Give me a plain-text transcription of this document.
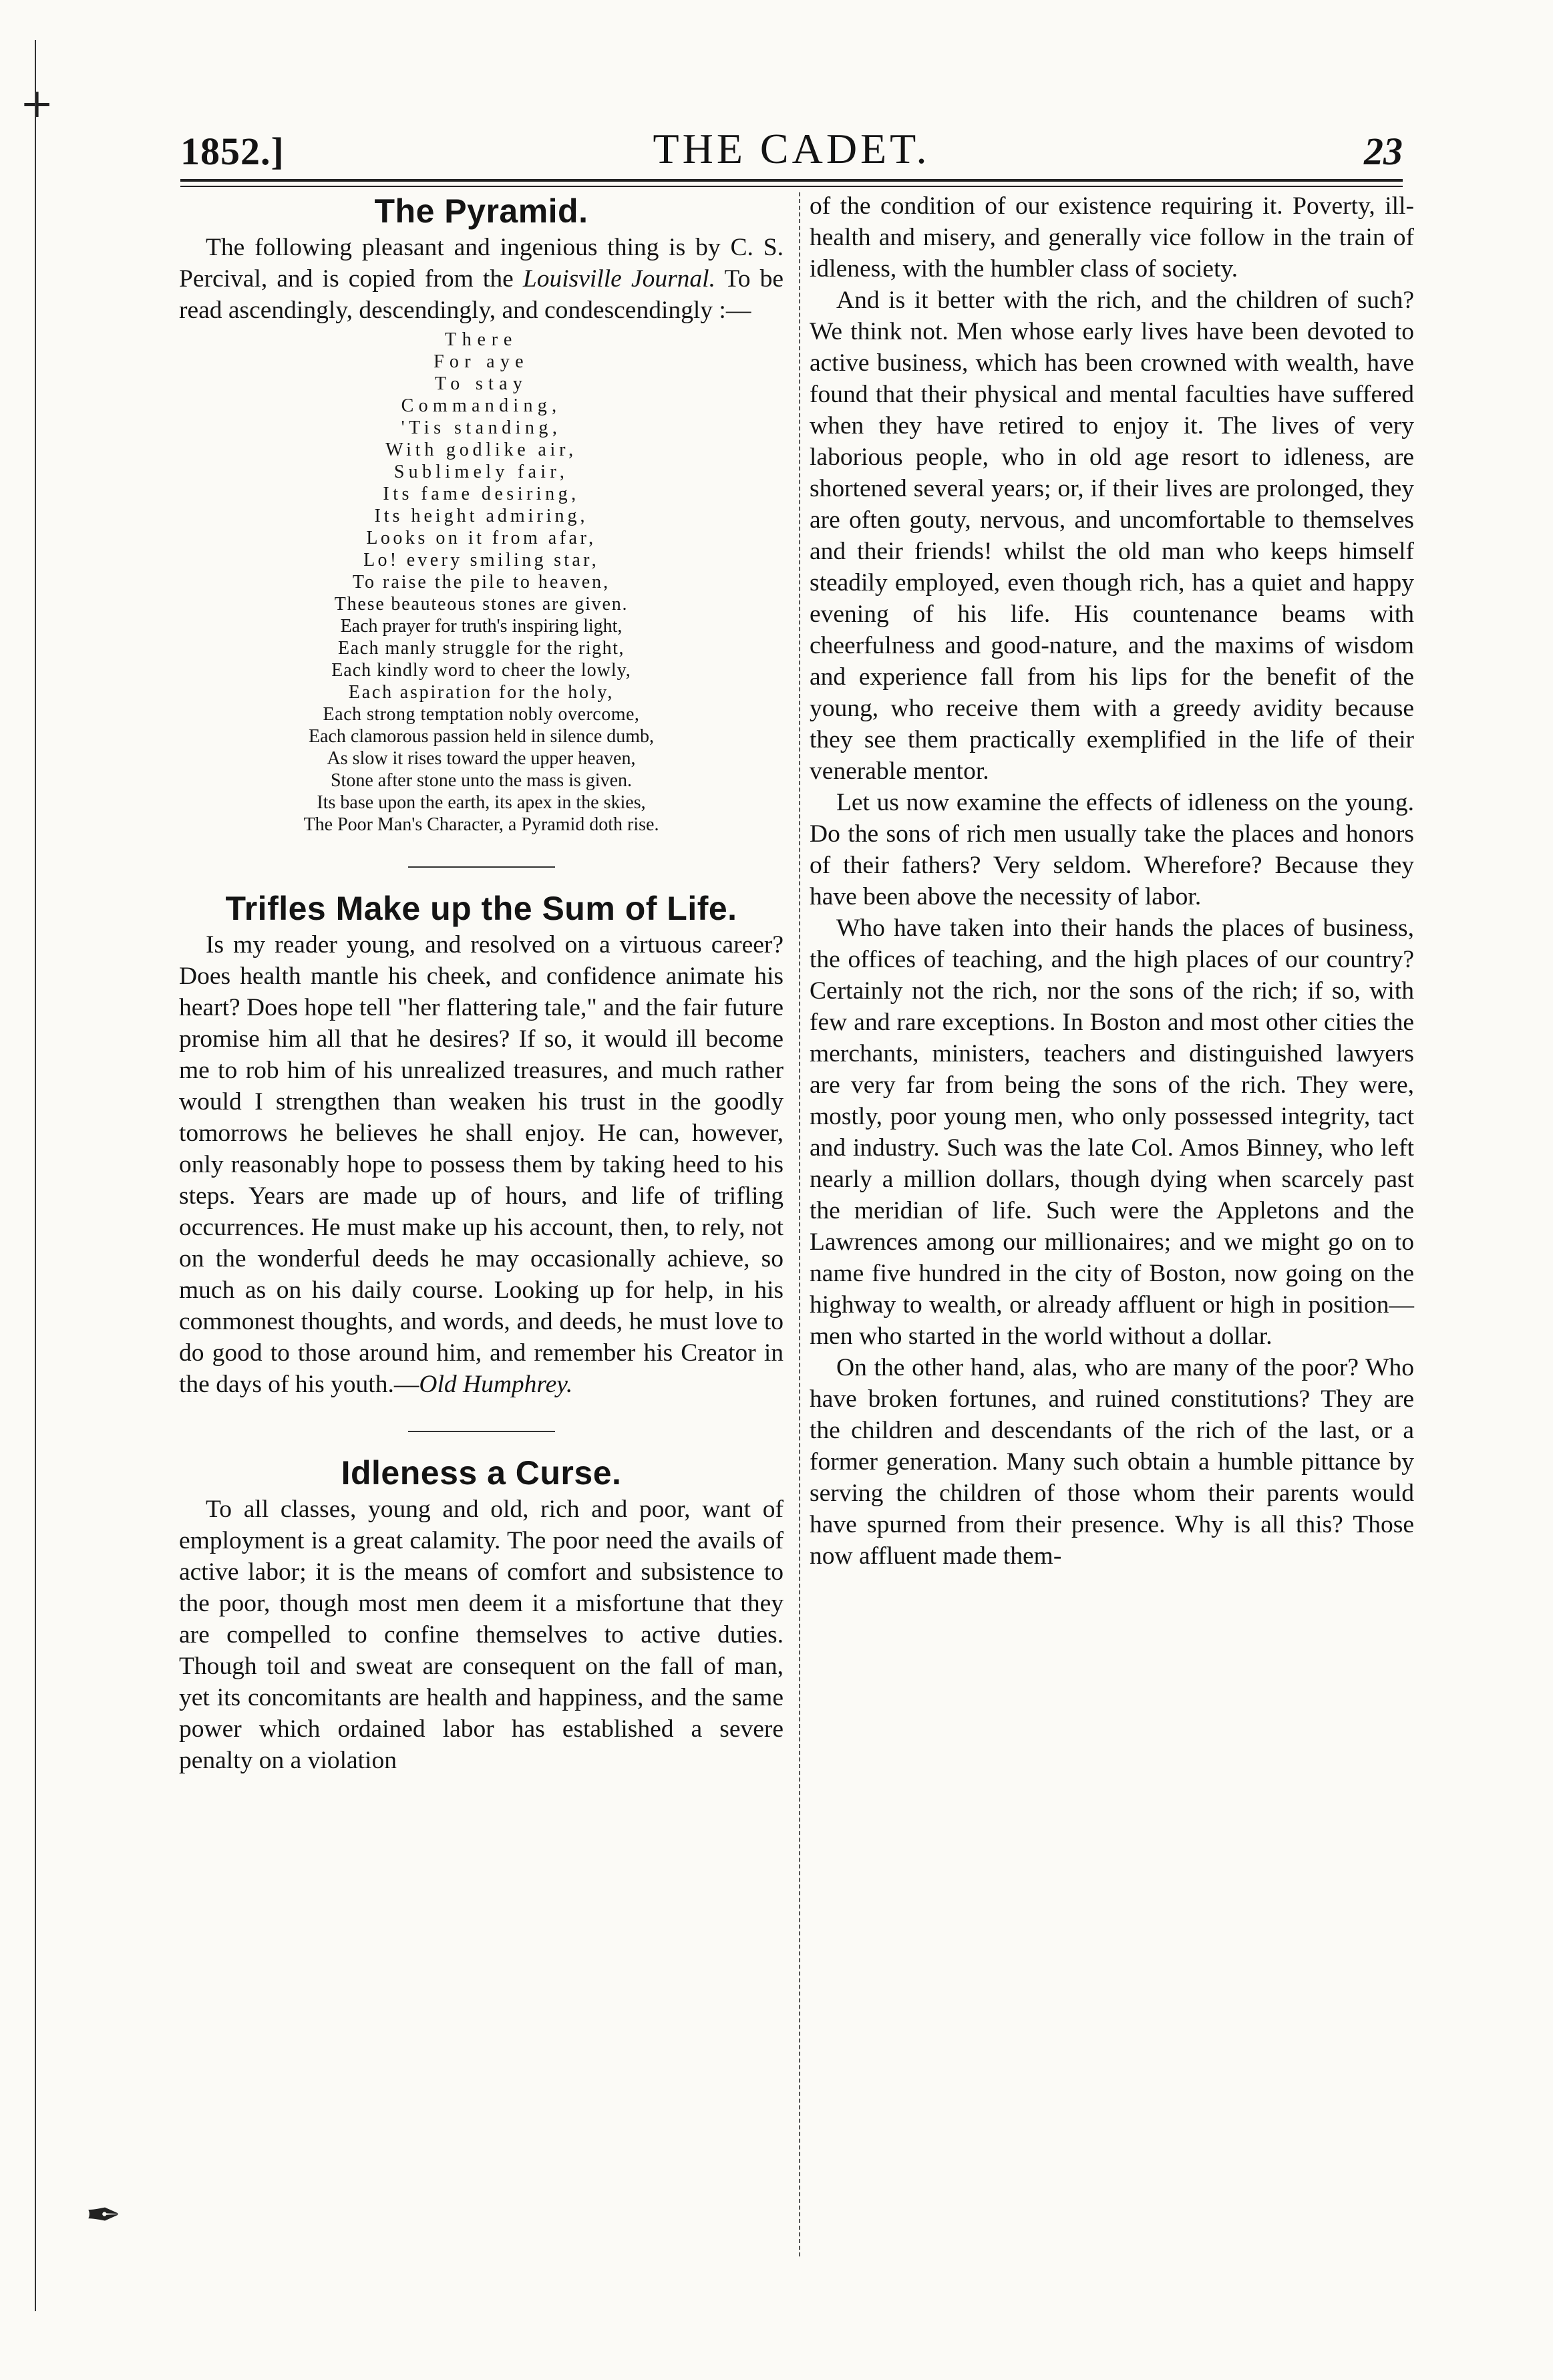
+
✒
1852.]	THE CADET.	23
The Pyramid.

The following pleasant and ingenious thing is by C. S. Percival, and is copied from the Louisville Journal. To be read ascendingly, descendingly, and condescendingly :—

There
For aye
To stay
Commanding,
'Tis standing,
With godlike air,
Sublimely fair,
Its fame desiring,
Its height admiring,
Looks on it from afar,
Lo! every smiling star,
To raise the pile to heaven,
These beauteous stones are given.
Each prayer for truth's inspiring light,
Each manly struggle for the right,
Each kindly word to cheer the lowly,
Each aspiration for the holy,
Each strong temptation nobly overcome,
Each clamorous passion held in silence dumb,
As slow it rises toward the upper heaven,
Stone after stone unto the mass is given.
Its base upon the earth, its apex in the skies,
The Poor Man's Character, a Pyramid doth rise.
Trifles Make up the Sum of Life.

Is my reader young, and resolved on a virtuous career? Does health mantle his cheek, and confidence animate his heart? Does hope tell "her flattering tale," and the fair future promise him all that he desires? If so, it would ill become me to rob him of his unrealized treasures, and much rather would I strengthen than weaken his trust in the goodly tomorrows he believes he shall enjoy. He can, however, only reasonably hope to possess them by taking heed to his steps. Years are made up of hours, and life of trifling occurrences. He must make up his account, then, to rely, not on the wonderful deeds he may occasionally achieve, so much as on his daily course. Looking up for help, in his commonest thoughts, and words, and deeds, he must love to do good to those around him, and remember his Creator in the days of his youth.—Old Humphrey.

Idleness a Curse.

To all classes, young and old, rich and poor, want of employment is a great calamity. The poor need the avails of active labor; it is the means of comfort and subsistence to the poor, though most men deem it a misfortune that they are compelled to confine themselves to active duties. Though toil and sweat are consequent on the fall of man, yet its concomitants are health and happiness, and the same power which ordained labor has established a severe penalty on a violation

of the condition of our existence requiring it. Poverty, ill-health and misery, and generally vice follow in the train of idleness, with the humbler class of society.

And is it better with the rich, and the children of such? We think not. Men whose early lives have been devoted to active business, which has been crowned with wealth, have found that their physical and mental faculties have suffered when they have retired to enjoy it. The lives of very laborious people, who in old age resort to idleness, are shortened several years; or, if their lives are prolonged, they are often gouty, nervous, and uncomfortable to themselves and their friends! whilst the old man who keeps himself steadily employed, even though rich, has a quiet and happy evening of his life. His countenance beams with cheerfulness and good-nature, and the maxims of wisdom and experience fall from his lips for the benefit of the young, who receive them with a greedy avidity because they see them practically exemplified in the life of their venerable mentor.

Let us now examine the effects of idleness on the young. Do the sons of rich men usually take the places and honors of their fathers? Very seldom. Wherefore? Because they have been above the necessity of labor.

Who have taken into their hands the places of business, the offices of teaching, and the high places of our country? Certainly not the rich, nor the sons of the rich; if so, with few and rare exceptions. In Boston and most other cities the merchants, ministers, teachers and distinguished lawyers are very far from being the sons of the rich. They were, mostly, poor young men, who only possessed integrity, tact and industry. Such was the late Col. Amos Binney, who left nearly a million dollars, though dying when scarcely past the meridian of life. Such were the Appletons and the Lawrences among our millionaires; and we might go on to name five hundred in the city of Boston, now going on the highway to wealth, or already affluent or high in position—men who started in the world without a dollar.

On the other hand, alas, who are many of the poor? Who have broken fortunes, and ruined constitutions? They are the children and descendants of the rich of the last, or a former generation. Many such obtain a humble pittance by serving the children of those whom their parents would have spurned from their presence. Why is all this? Those now affluent made them-
